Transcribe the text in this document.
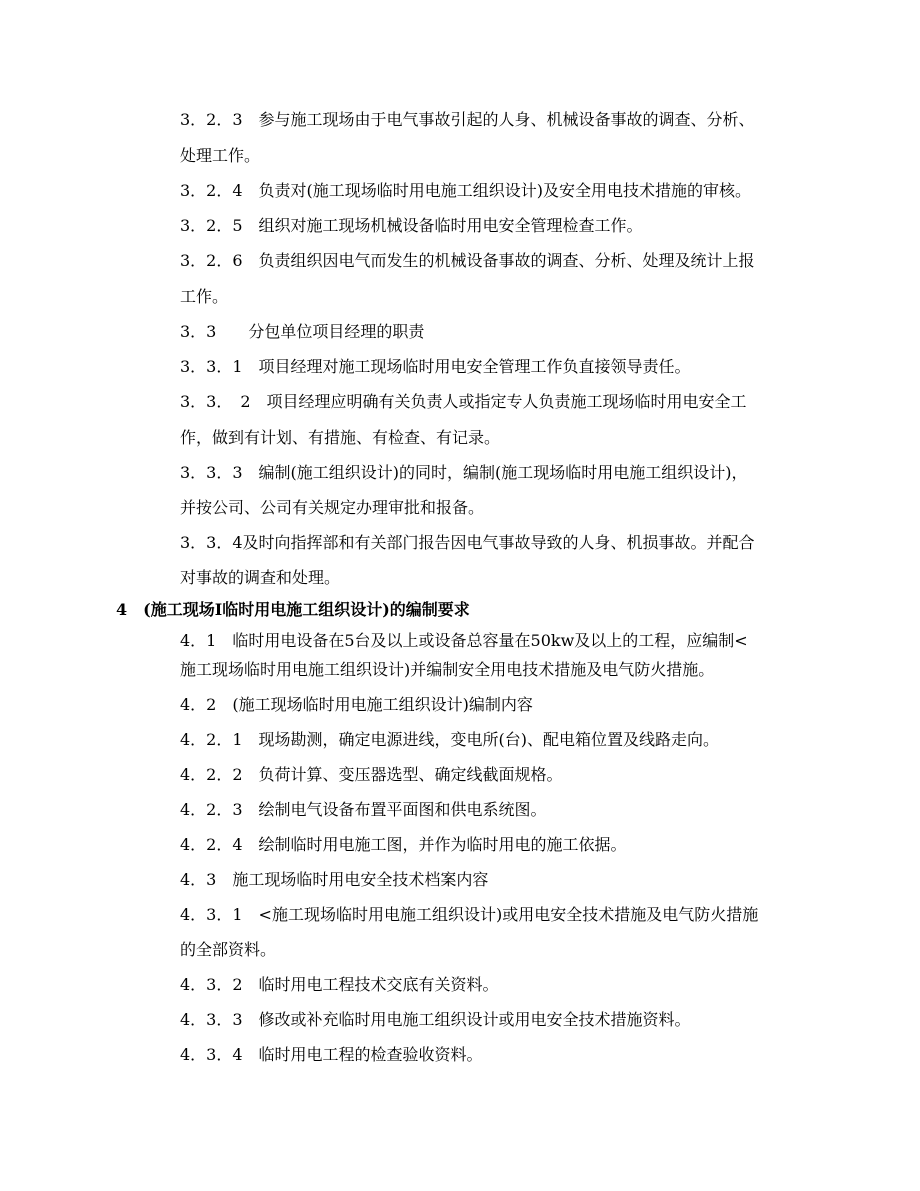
3．2．3　参与施工现场由于电气事故引起的人身、机械设备事故的调查、分析、
处理工作。
3．2．4　负责对(施工现场临时用电施工组织设计)及安全用电技术措施的审核。
3．2．5　组织对施工现场机械设备临时用电安全管理检查工作。
3．2．6　负责组织因电气而发生的机械设备事故的调查、分析、处理及统计上报
工作。
3．3　　分包单位项目经理的职责
3．3．1　项目经理对施工现场临时用电安全管理工作负直接领导责任。
3．3．　2　项目经理应明确有关负责人或指定专人负责施工现场临时用电安全工
作，做到有计划、有措施、有检查、有记录。
3．3．3　编制(施工组织设计)的同时，编制(施工现场临时用电施工组织设计)，
并按公司、公司有关规定办理审批和报备。
3．3．4及时向指挥部和有关部门报告因电气事故导致的人身、机损事故。并配合
对事故的调查和处理。
4　(施工现场Ⅰ临时用电施工组织设计)的编制要求
4．1　临时用电设备在5台及以上或设备总容量在50kw及以上的工程，应编制<
施工现场临时用电施工组织设计)并编制安全用电技术措施及电气防火措施。
4．2　(施工现场临时用电施工组织设计)编制内容
4．2．1　现场勘测，确定电源进线，变电所(台)、配电箱位置及线路走向。
4．2．2　负荷计算、变压器选型、确定线截面规格。
4．2．3　绘制电气设备布置平面图和供电系统图。
4．2．4　绘制临时用电施工图，并作为临时用电的施工依据。
4．3　施工现场临时用电安全技术档案内容
4．3．1　<施工现场临时用电施工组织设计)或用电安全技术措施及电气防火措施
的全部资料。
4．3．2　临时用电工程技术交底有关资料。
4．3．3　修改或补充临时用电施工组织设计或用电安全技术措施资料。
4．3．4　临时用电工程的检查验收资料。
